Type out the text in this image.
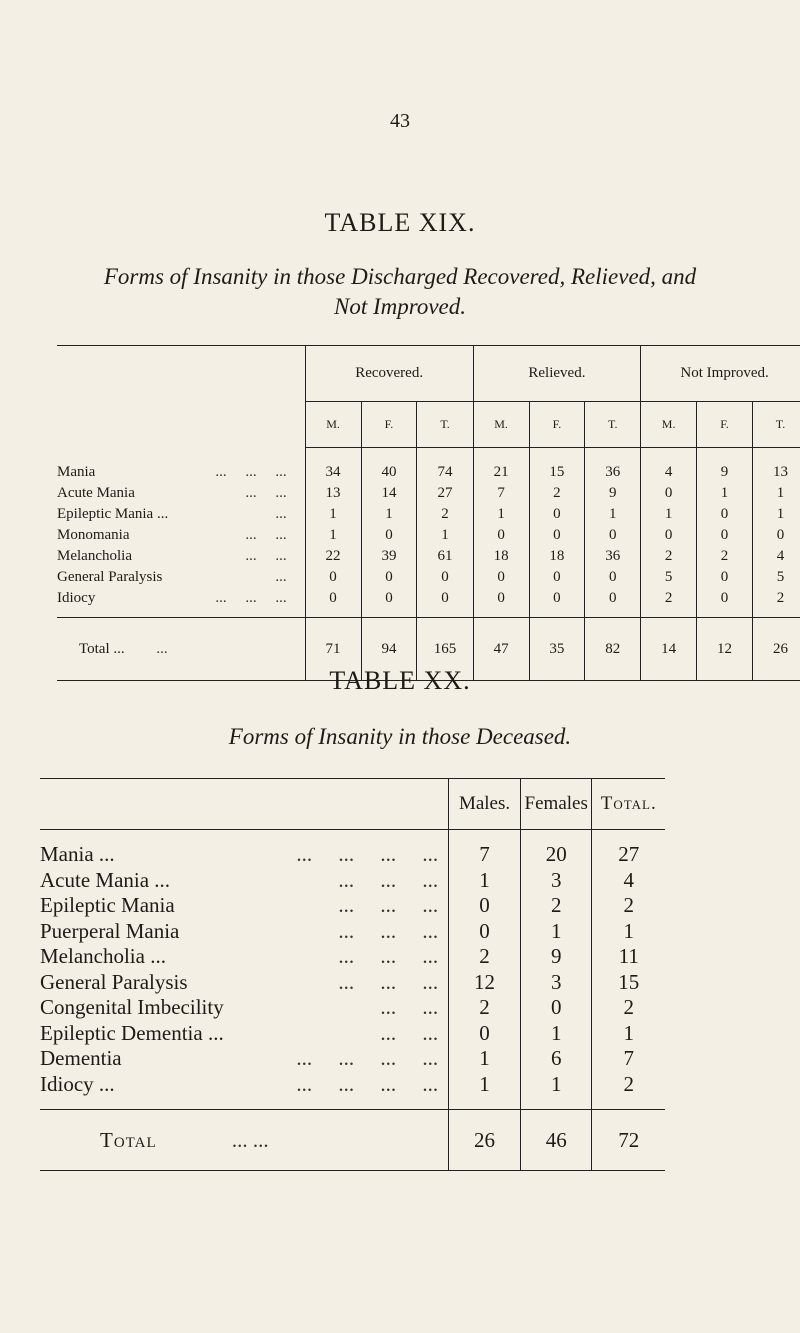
43
TABLE XIX.
Forms of Insanity in those Discharged Recovered, Relieved, and
Not Improved.
	Recovered.			Relieved.			Not Improved.		
	M.	F.	T.	M.	F.	T.	M.	F.	T.
Mania ...     ...     ...	34	40	74	21	15	36	4	9	13
Acute Mania ...     ...	13	14	27	7	2	9	0	1	1
Epileptic Mania ... ...	1	1	2	1	0	1	1	0	1
Monomania ...     ...	1	0	1	0	0	0	0	0	0
Melancholia ...     ...	22	39	61	18	18	36	2	2	4
General Paralysis ...	0	0	0	0	0	0	5	0	5
Idiocy ...     ...     ...	0	0	0	0	0	0	2	0	2
Total ... ...	71	94	165	47	35	82	14	12	26
TABLE XX.
Forms of Insanity in those Deceased.
	Males.	Females	Total.
Mania ... ...     ...     ...     ...	7	20	27
Acute Mania ... ...     ...     ...	1	3	4
Epileptic Mania ...     ...     ...	0	2	2
Puerperal Mania ...     ...     ...	0	1	1
Melancholia ... ...     ...     ...	2	9	11
General Paralysis ...     ...     ...	12	3	15
Congenital Imbecility ...     ...	2	0	2
Epileptic Dementia ... ...     ...	0	1	1
Dementia ...     ...     ...     ...	1	6	7
Idiocy ... ...     ...     ...     ...	1	1	2
Total ... ...	26	46	72
